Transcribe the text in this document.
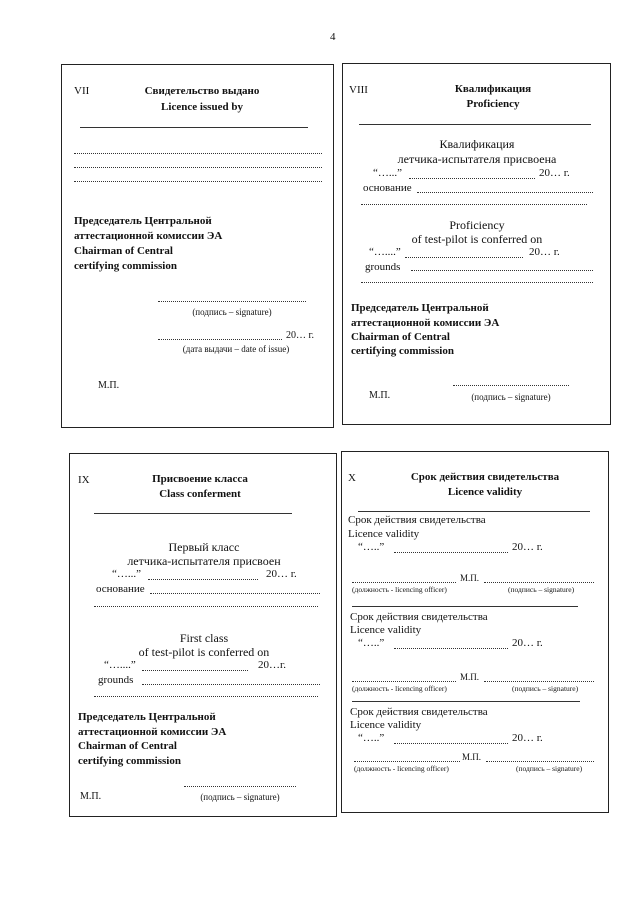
4
VII	Свидетельство выдано
Licence issued by
Председатель Центральной
аттестационной комиссии ЭА
Chairman of Central
certifying commission
(подпись – signature)
20… г.
(дата выдачи – date of issue)
М.П.
VIII	Квалификация
Proficiency
Квалификация
летчика-испытателя присвоена
“…...”	20… г.
основание
Proficiency
of test-pilot is conferred on
“…....”	20… г.
grounds
Председатель Центральной
аттестационной комиссии ЭА
Chairman of Central
certifying commission
М.П.	(подпись – signature)
IX	Присвоение класса
Class conferment
Первый класс
летчика-испытателя присвоен
“…...”	20… г.
основание
First class
of test-pilot is conferred on
“…....”	20…г.
grounds
Председатель Центральной
аттестационной комиссии ЭА
Chairman of Central
certifying commission
М.П.	(подпись – signature)
X	Срок действия свидетельства
Licence validity
Срок действия свидетельства
Licence validity
“…..”	20… г.
М.П.
(должность - licencing officer)	(подпись – signature)
Срок действия свидетельства
Licence validity
“…..”	20… г.
М.П.
(должность - licencing officer)	(подпись – signature)
Срок действия свидетельства
Licence validity
“…..”	20… г.
М.П.
(должность - licencing officer)	(подпись – signature)
